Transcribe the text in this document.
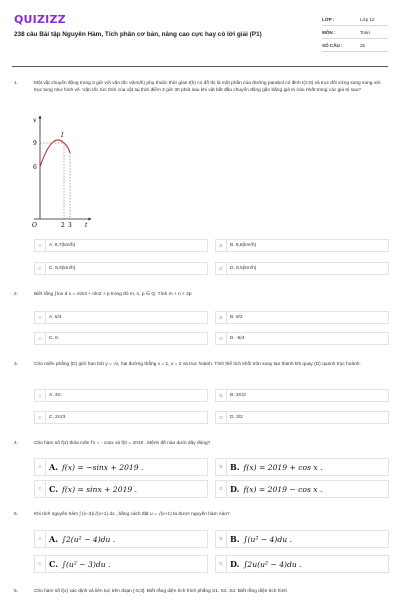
QUIZIZZ
238 câu Bài tập Nguyên Hàm, Tích phân cơ bản, nâng cao cực hay có lời giải (P1)
LỚP :	Lớp 12
MÔN :	Toán
SỐ CÂU :	25
1.	Một vật chuyển động trong 3 giờ với vận tốc v(km/h) phụ thuộc thời gian t(h) có đồ thị là một phần của đường parabol có đỉnh I(2;9) và trục đối xứng song song với trục tung như hình vẽ. Vận tốc tức thời của vật tại thời điểm 2 giờ 30 phút sau khi vật bắt đầu chuyển động gần bằng giá trị nào nhất trong các giá trị sau?
v
I
9
6
O	2 3 t
A	A. 8,7(km/h)	B	B. 8,8(km/h)
C	C. 8,6(km/h)	D	D. 8,5(km/h)
2.	Biết rằng ∫ lnx d x = mln3 + nln2 + p trong đó m, n, p ∈ Q. Tính m + n + 2p
A	A. 5/4	B	B. 9/2
C	C. 0.	D	D. -5/4
3.	Cho miền phẳng (D) giới hạn bởi y = √x, hai đường thẳng x = 1, x = 2 và trục hoành. Tính thể tích khối tròn xoay tạo thành khi quay (D) quanh trục hoành.
A	A. 3π.	B	B. 3π/2
C	C. 2π/3	D	D. 3/2
4.	Cho hàm số f(x) thỏa mãn f'x = - cosx và f(0 = 2019 . Mệnh đề nào dưới đây đúng?
A A. f(x) = −sinx + 2019 .	B B. f(x) = 2019 + cos x .
C C. f(x) = sinx + 2019 .	D D. f(x) = 2019 − cos x .
5.	Khi tính nguyên hàm ∫ (x−3)/√(x+1) dx , bằng cách đặt u = √(x+1) ta được nguyên hàm nào?
A A. ∫2(u² − 4)du .	B B. ∫(u² − 4)du .
C C. ∫(u² − 3)du .	D D. ∫2u(u² − 4)du .
6.	Cho hàm số f(x) xác định và liên tục trên đoạn [-5;3]. Biết rằng diện tích hình phẳng S1, S2, S3. Biết rằng diện tích hình
